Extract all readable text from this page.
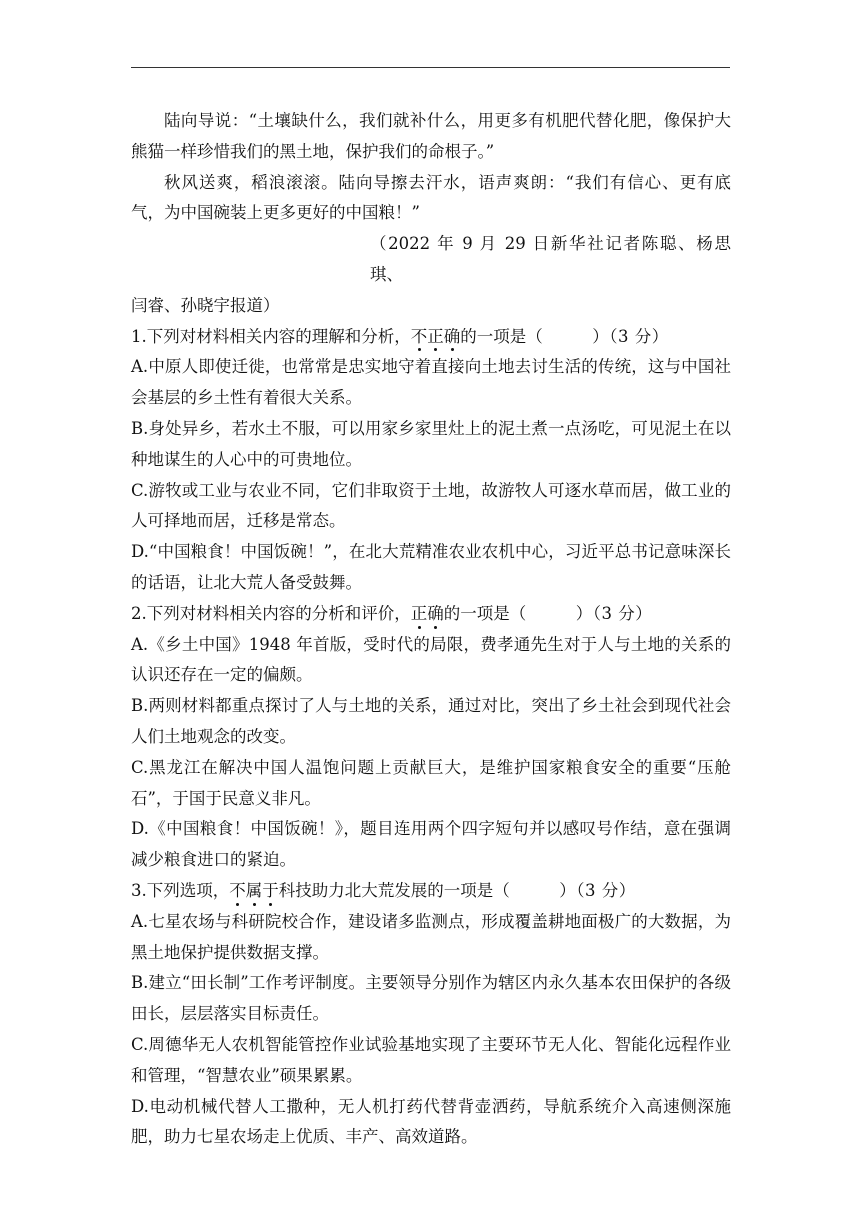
陆向导说：“土壤缺什么，我们就补什么，用更多有机肥代替化肥，像保护大熊猫一样珍惜我们的黑土地，保护我们的命根子。”

秋风送爽，稻浪滚滚。陆向导擦去汗水，语声爽朗：“我们有信心、更有底气，为中国碗装上更多更好的中国粮！”

（2022 年 9 月 29 日新华社记者陈聪、杨思琪、

闫睿、孙晓宇报道）

1.下列对材料相关内容的理解和分析，不正确的一项是（　　　	）（3 分）

A.中原人即使迁徙，也常常是忠实地守着直接向土地去讨生活的传统，这与中国社会基层的乡土性有着很大关系。

B.身处异乡，若水土不服，可以用家乡家里灶上的泥土煮一点汤吃，可见泥土在以种地谋生的人心中的可贵地位。

C.游牧或工业与农业不同，它们非取资于土地，故游牧人可逐水草而居，做工业的人可择地而居，迁移是常态。

D.“中国粮食！中国饭碗！”，在北大荒精准农业农机中心，习近平总书记意味深长的话语，让北大荒人备受鼓舞。

2.下列对材料相关内容的分析和评价，正确的一项是（　　　	）（3 分）

A.《乡土中国》1948 年首版，受时代的局限，费孝通先生对于人与土地的关系的认识还存在一定的偏颇。

B.两则材料都重点探讨了人与土地的关系，通过对比，突出了乡土社会到现代社会人们土地观念的改变。

C.黑龙江在解决中国人温饱问题上贡献巨大，是维护国家粮食安全的重要“压舱石”，于国于民意义非凡。

D.《中国粮食！中国饭碗！》，题目连用两个四字短句并以感叹号作结，意在强调减少粮食进口的紧迫。

3.下列选项，不属于科技助力北大荒发展的一项是（　　　	）（3 分）

A.七星农场与科研院校合作，建设诸多监测点，形成覆盖耕地面极广的大数据，为黑土地保护提供数据支撑。

B.建立“田长制”工作考评制度。主要领导分别作为辖区内永久基本农田保护的各级田长，层层落实目标责任。

C.周德华无人农机智能管控作业试验基地实现了主要环节无人化、智能化远程作业和管理，“智慧农业”硕果累累。

D.电动机械代替人工撒种，无人机打药代替背壶洒药，导航系统介入高速侧深施肥，助力七星农场走上优质、丰产、高效道路。
